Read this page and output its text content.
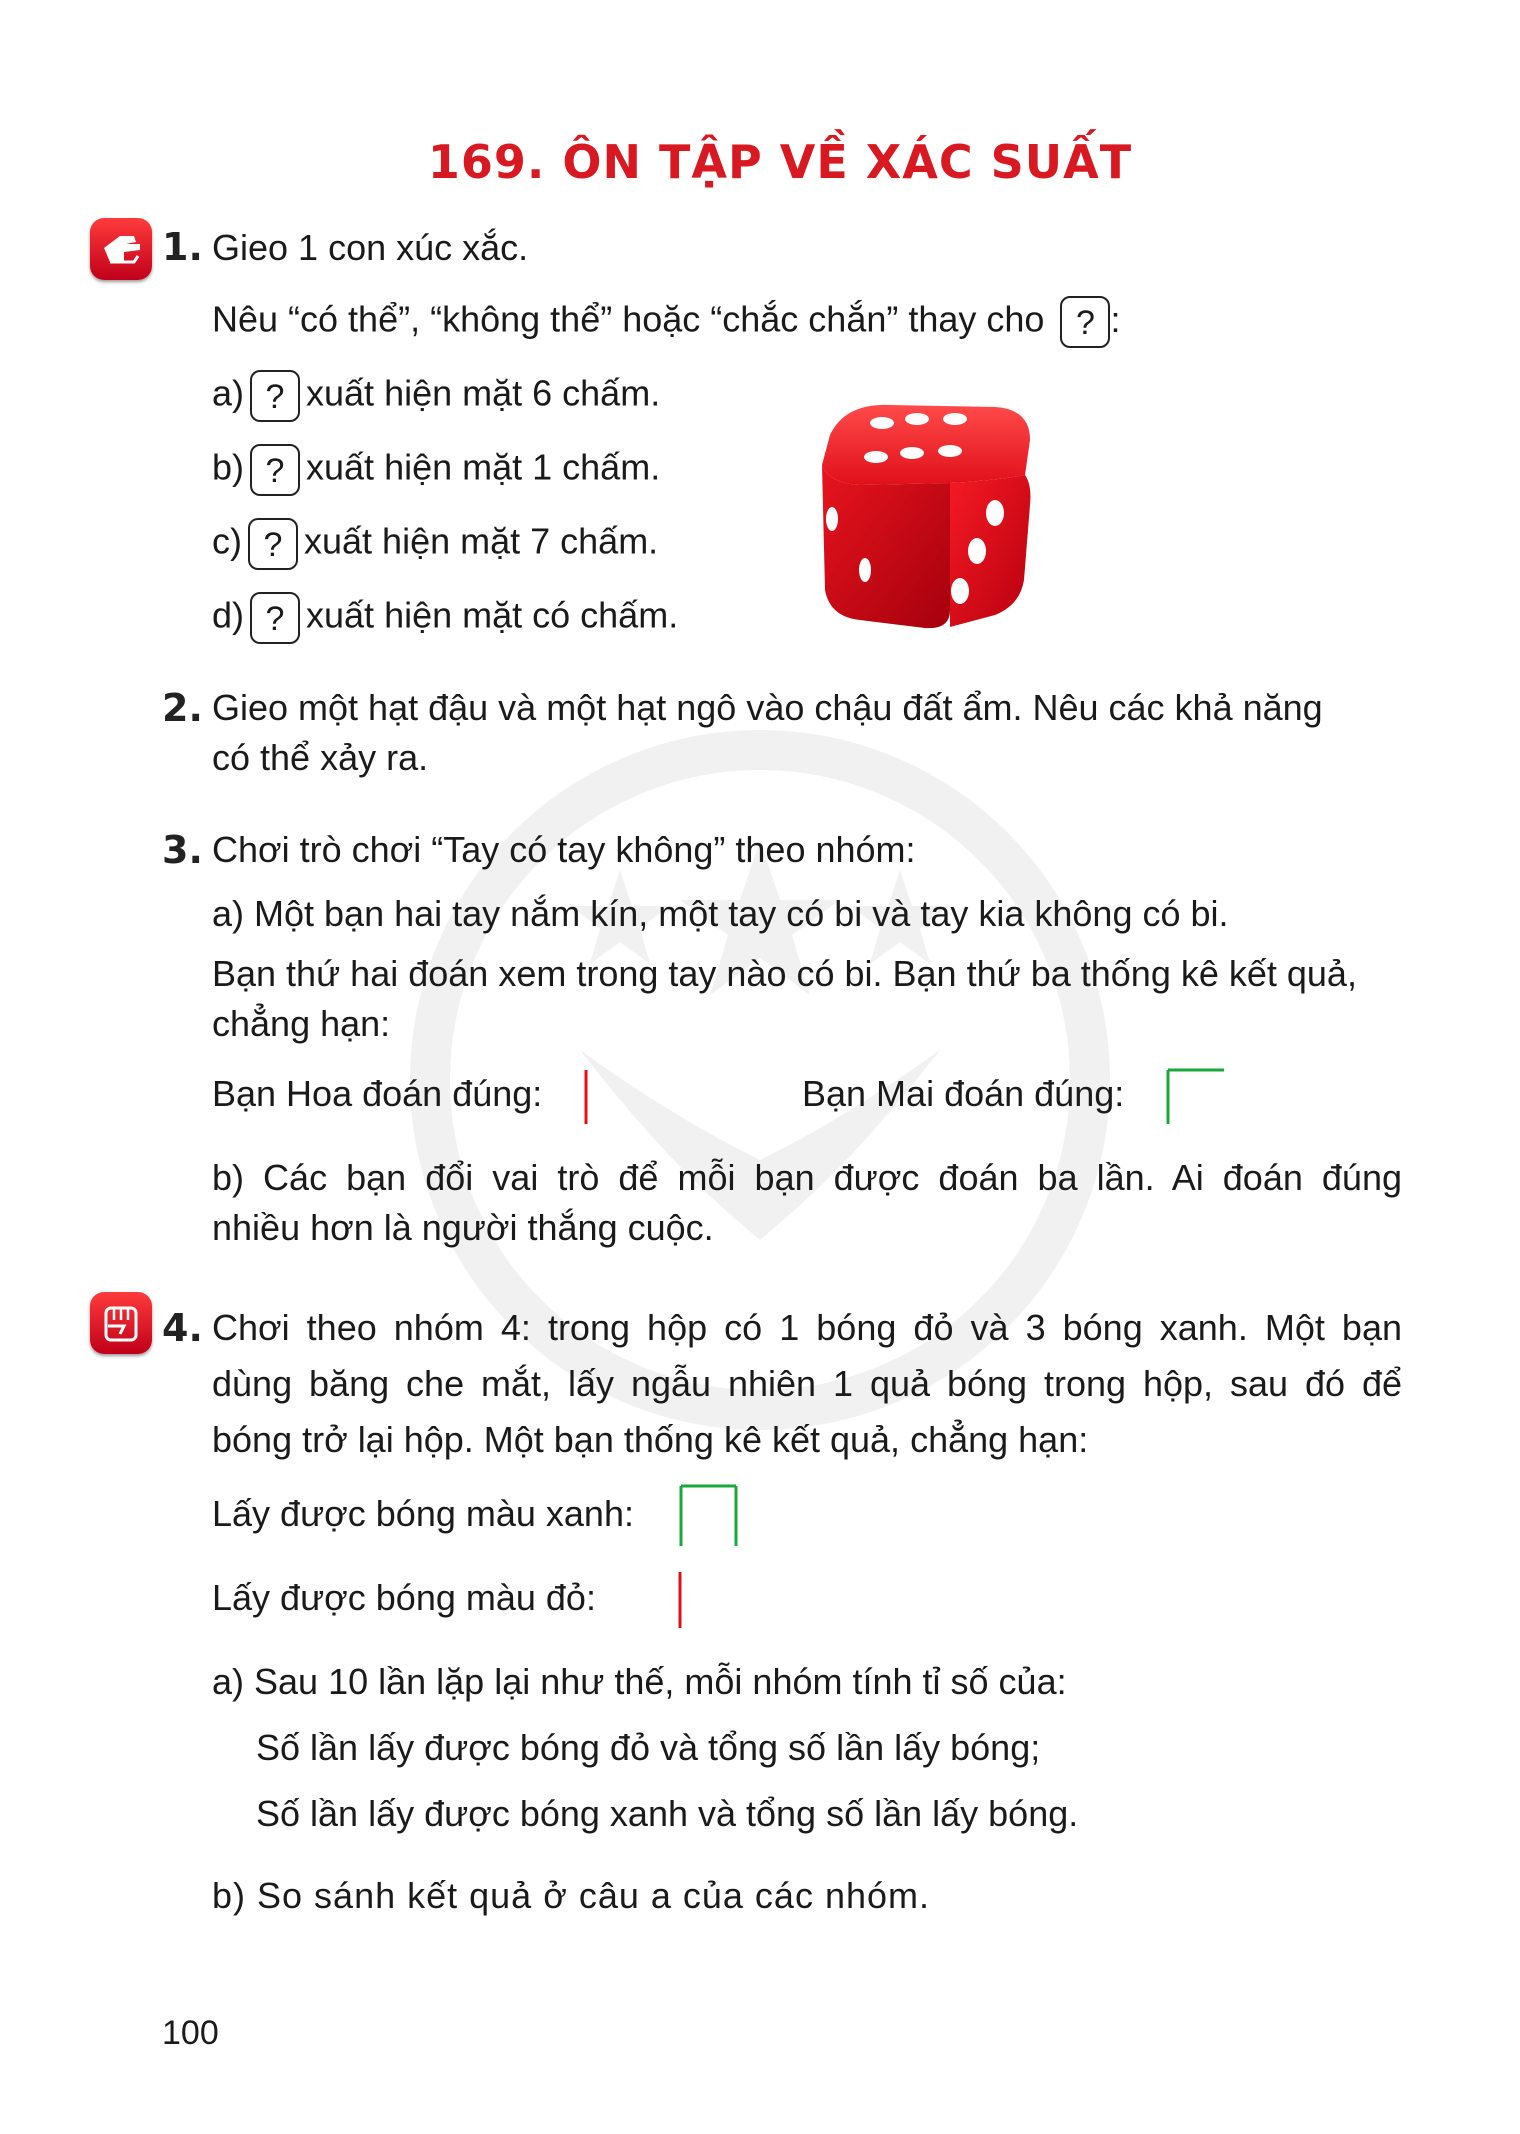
169. ÔN TẬP VỀ XÁC SUẤT
1. Gieo 1 con xúc xắc.
Nêu “có thể”, “không thể” hoặc “chắc chắn” thay cho ? :
a) ? xuất hiện mặt 6 chấm.
b) ? xuất hiện mặt 1 chấm.
c) ? xuất hiện mặt 7 chấm.
d) ? xuất hiện mặt có chấm.
2. Gieo một hạt đậu và một hạt ngô vào chậu đất ẩm. Nêu các khả năng
có thể xảy ra.
3. Chơi trò chơi “Tay có tay không” theo nhóm:
a) Một bạn hai tay nắm kín, một tay có bi và tay kia không có bi.
Bạn thứ hai đoán xem trong tay nào có bi. Bạn thứ ba thống kê kết quả,
chẳng hạn:
Bạn Hoa đoán đúng:	Bạn Mai đoán đúng:
b) Các bạn đổi vai trò để mỗi bạn được đoán ba lần. Ai đoán đúng
nhiều hơn là người thắng cuộc.
4. Chơi theo nhóm 4: trong hộp có 1 bóng đỏ và 3 bóng xanh. Một bạn
dùng băng che mắt, lấy ngẫu nhiên 1 quả bóng trong hộp, sau đó để
bóng trở lại hộp. Một bạn thống kê kết quả, chẳng hạn:
Lấy được bóng màu xanh:
Lấy được bóng màu đỏ:
a) Sau 10 lần lặp lại như thế, mỗi nhóm tính tỉ số của:
Số lần lấy được bóng đỏ và tổng số lần lấy bóng;
Số lần lấy được bóng xanh và tổng số lần lấy bóng.
b) So sánh kết quả ở câu a của các nhóm.
100
